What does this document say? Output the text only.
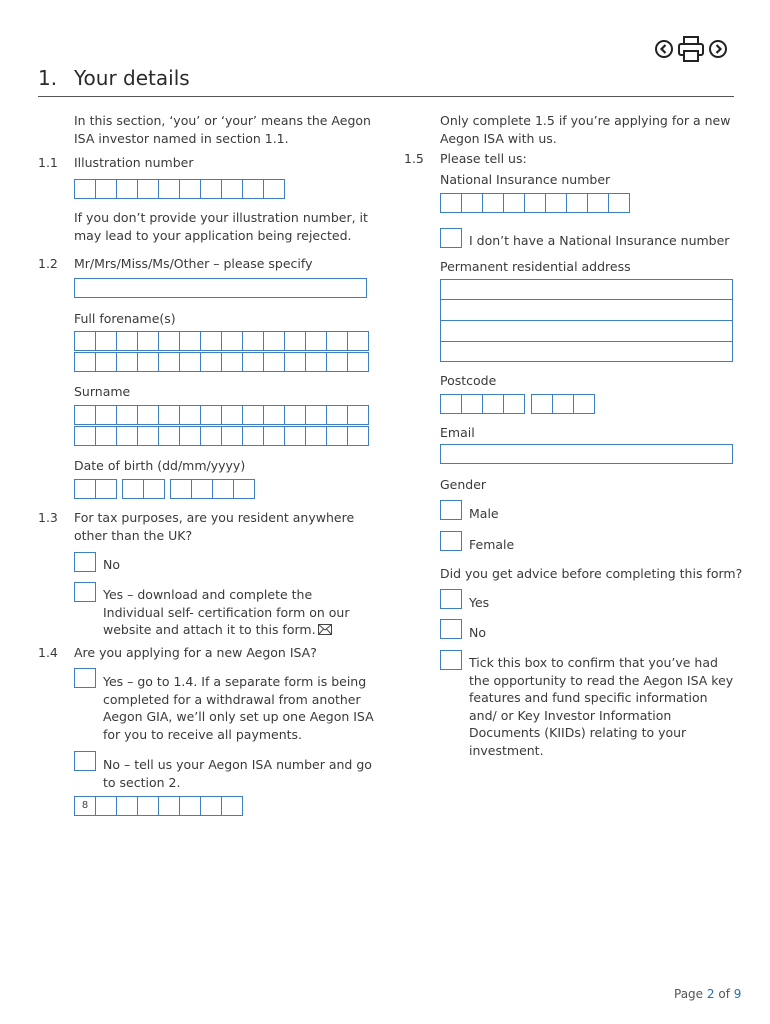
1. Your details
In this section, ‘you’ or ‘your’ means the Aegon
ISA investor named in section 1.1.
1.1 Illustration number
If you don’t provide your illustration number, it
may lead to your application being rejected.
1.2 Mr/Mrs/Miss/Ms/Other – please specify
Full forename(s)
Surname
Date of birth (dd/mm/yyyy)
1.3 For tax purposes, are you resident anywhere
other than the UK?
No
Yes – download and complete the
Individual self- certification form on our
website and attach it to this form.
1.4 Are you applying for a new Aegon ISA?
Yes – go to 1.4. If a separate form is being
completed for a withdrawal from another
Aegon GIA, we’ll only set up one Aegon ISA
for you to receive all payments.
No – tell us your Aegon ISA number and go
to section 2.
8
Only complete 1.5 if you’re applying for a new
Aegon ISA with us.
1.5 Please tell us:
National Insurance number
I don’t have a National Insurance number
Permanent residential address
Postcode
Email
Gender
Male
Female
Did you get advice before completing this form?
Yes
No
Tick this box to confirm that you’ve had
the opportunity to read the Aegon ISA key
features and fund specific information
and/ or Key Investor Information
Documents (KIIDs) relating to your
investment.
Page 2 of 9
